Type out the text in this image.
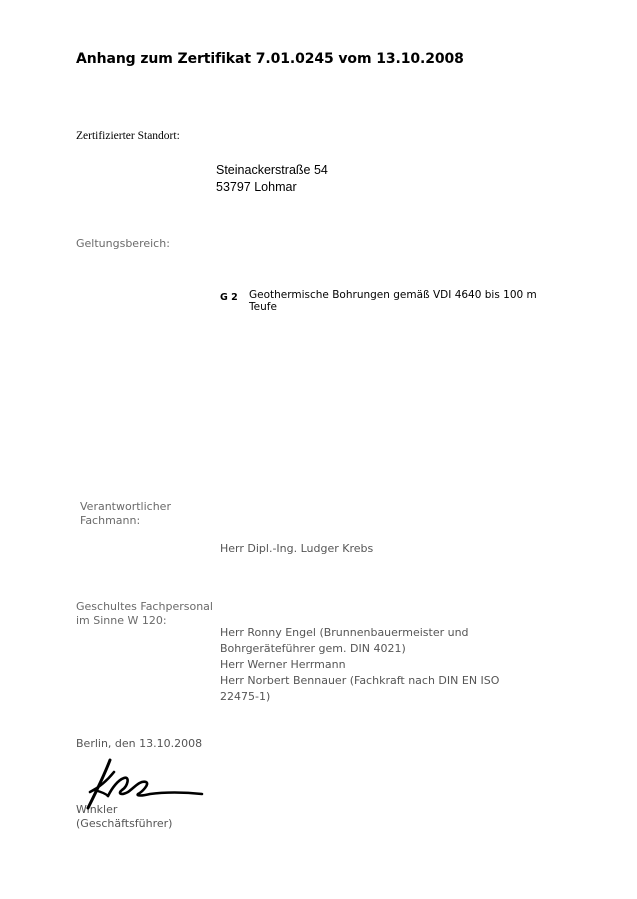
Anhang zum Zertifikat 7.01.0245 vom 13.10.2008
Zertifizierter Standort:
Steinackerstraße 54
53797 Lohmar
Geltungsbereich:
G 2 Geothermische Bohrungen gemäß VDI 4640 bis 100 m
Teufe
Verantwortlicher
Fachmann:
Herr Dipl.-Ing. Ludger Krebs
Geschultes Fachpersonal
im Sinne W 120:
Herr Ronny Engel (Brunnenbauermeister und
Bohrgeräteführer gem. DIN 4021)
Herr Werner Herrmann
Herr Norbert Bennauer (Fachkraft nach DIN EN ISO
22475-1)
Berlin, den 13.10.2008
Winkler
(Geschäftsführer)
